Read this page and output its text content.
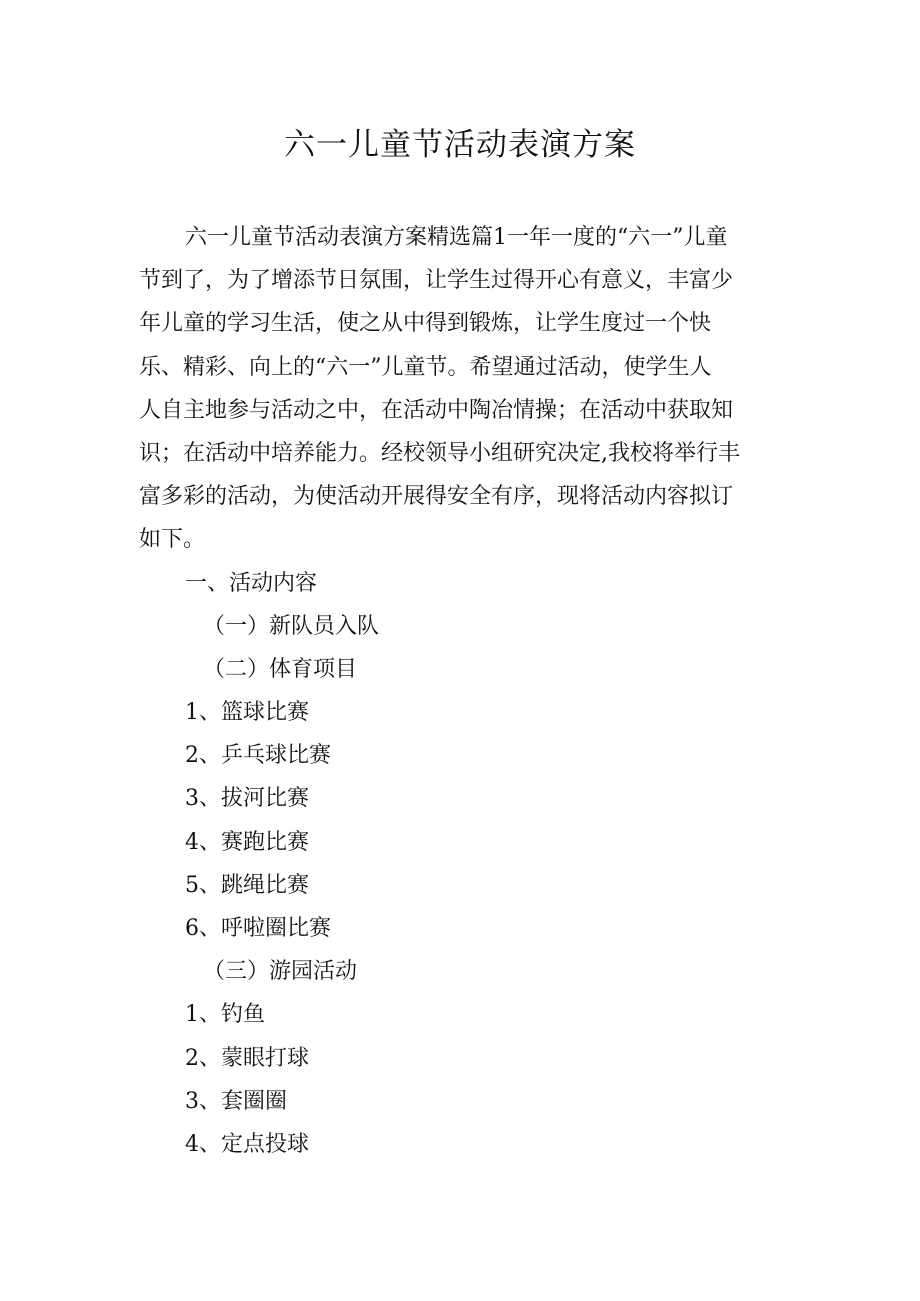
六一儿童节活动表演方案
六一儿童节活动表演方案精选篇1一年一度的“六一”儿童
节到了，为了增添节日氛围，让学生过得开心有意义，丰富少
年儿童的学习生活，使之从中得到锻炼，让学生度过一个快
乐、精彩、向上的“六一”儿童节。希望通过活动，使学生人
人自主地参与活动之中，在活动中陶冶情操；在活动中获取知
识；在活动中培养能力。经校领导小组研究决定,我校将举行丰
富多彩的活动，为使活动开展得安全有序，现将活动内容拟订
如下。
一、活动内容
（一）新队员入队
（二）体育项目
1、篮球比赛
2、乒乓球比赛
3、拔河比赛
4、赛跑比赛
5、跳绳比赛
6、呼啦圈比赛
（三）游园活动
1、钓鱼
2、蒙眼打球
3、套圈圈
4、定点投球
